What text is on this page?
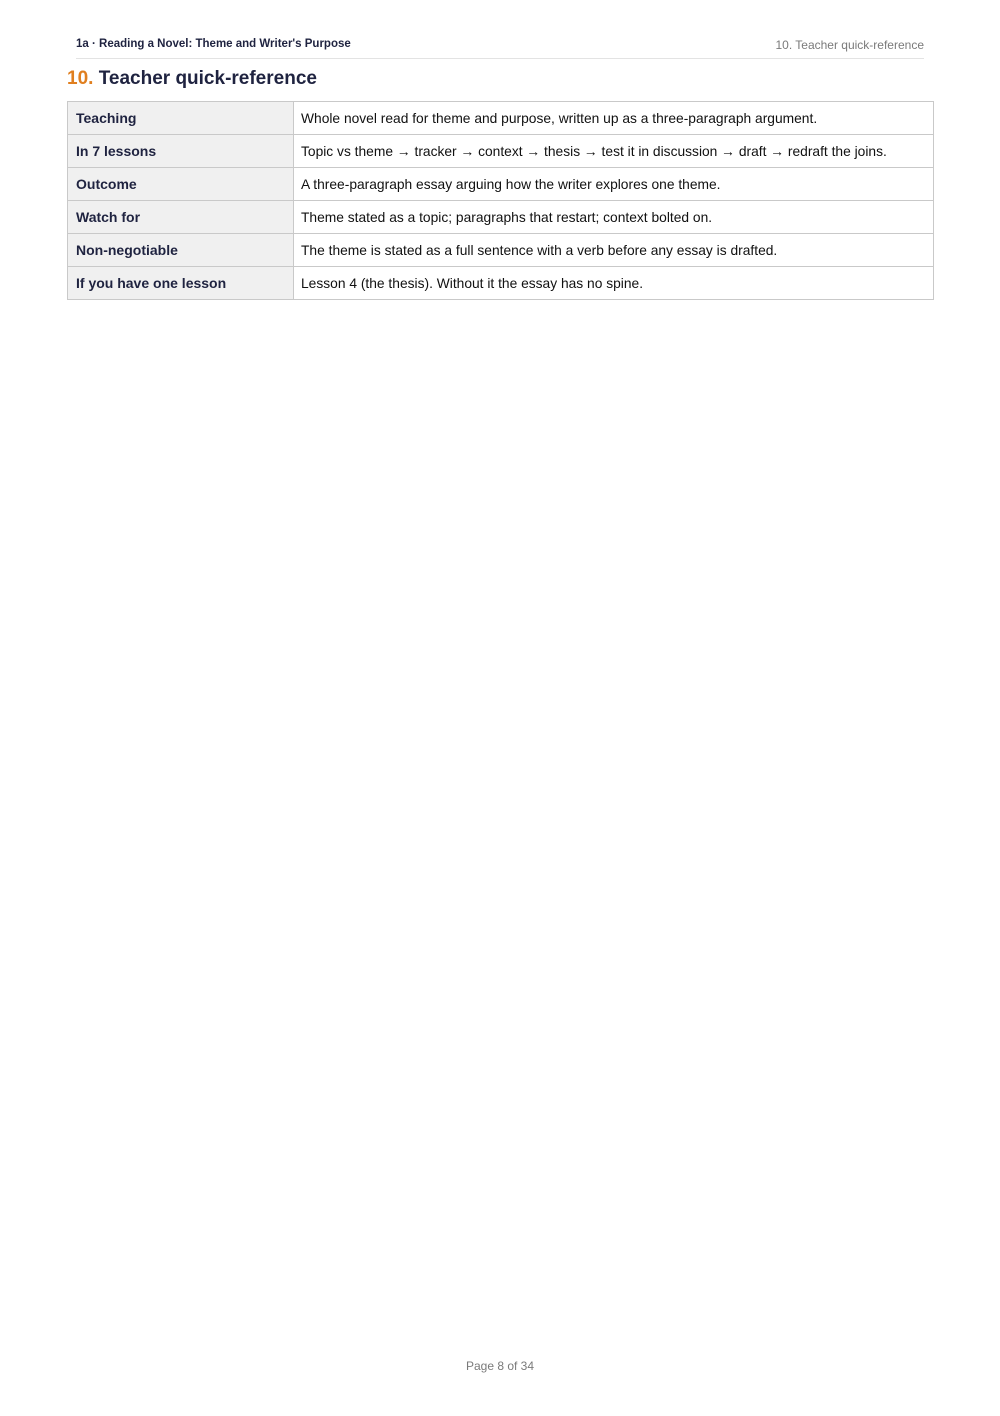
1a · Reading a Novel: Theme and Writer's Purpose	10. Teacher quick-reference
10. Teacher quick-reference
Teaching	Whole novel read for theme and purpose, written up as a three-paragraph argument.
In 7 lessons	Topic vs theme → tracker → context → thesis → test it in discussion → draft → redraft the joins.
Outcome	A three-paragraph essay arguing how the writer explores one theme.
Watch for	Theme stated as a topic; paragraphs that restart; context bolted on.
Non-negotiable	The theme is stated as a full sentence with a verb before any essay is drafted.
If you have one lesson	Lesson 4 (the thesis). Without it the essay has no spine.
Page 8 of 34
